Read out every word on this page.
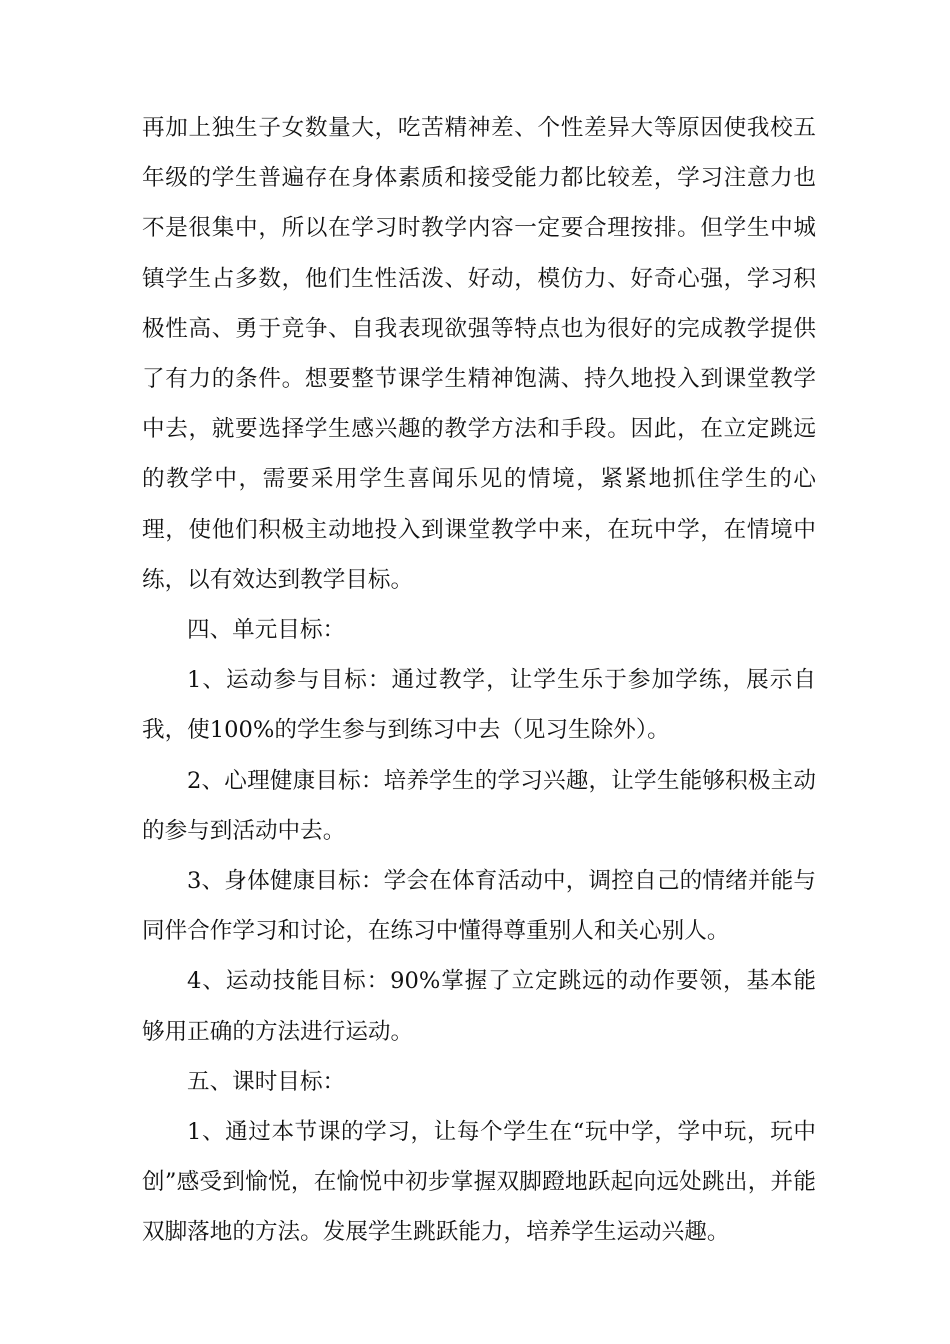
再加上独生子女数量大，吃苦精神差、个性差异大等原因使我校五年级的学生普遍存在身体素质和接受能力都比较差，学习注意力也不是很集中，所以在学习时教学内容一定要合理按排。但学生中城镇学生占多数，他们生性活泼、好动，模仿力、好奇心强，学习积极性高、勇于竞争、自我表现欲强等特点也为很好的完成教学提供了有力的条件。想要整节课学生精神饱满、持久地投入到课堂教学中去，就要选择学生感兴趣的教学方法和手段。因此，在立定跳远的教学中，需要采用学生喜闻乐见的情境，紧紧地抓住学生的心理，使他们积极主动地投入到课堂教学中来，在玩中学，在情境中练，以有效达到教学目标。

四、单元目标：

1、运动参与目标：通过教学，让学生乐于参加学练，展示自我，使100%的学生参与到练习中去（见习生除外）。

2、心理健康目标：培养学生的学习兴趣，让学生能够积极主动的参与到活动中去。

3、身体健康目标：学会在体育活动中，调控自己的情绪并能与同伴合作学习和讨论，在练习中懂得尊重别人和关心别人。

4、运动技能目标：90%掌握了立定跳远的动作要领，基本能够用正确的方法进行运动。

五、课时目标：

1、通过本节课的学习，让每个学生在“玩中学，学中玩，玩中创”感受到愉悦，在愉悦中初步掌握双脚蹬地跃起向远处跳出，并能双脚落地的方法。发展学生跳跃能力，培养学生运动兴趣。
